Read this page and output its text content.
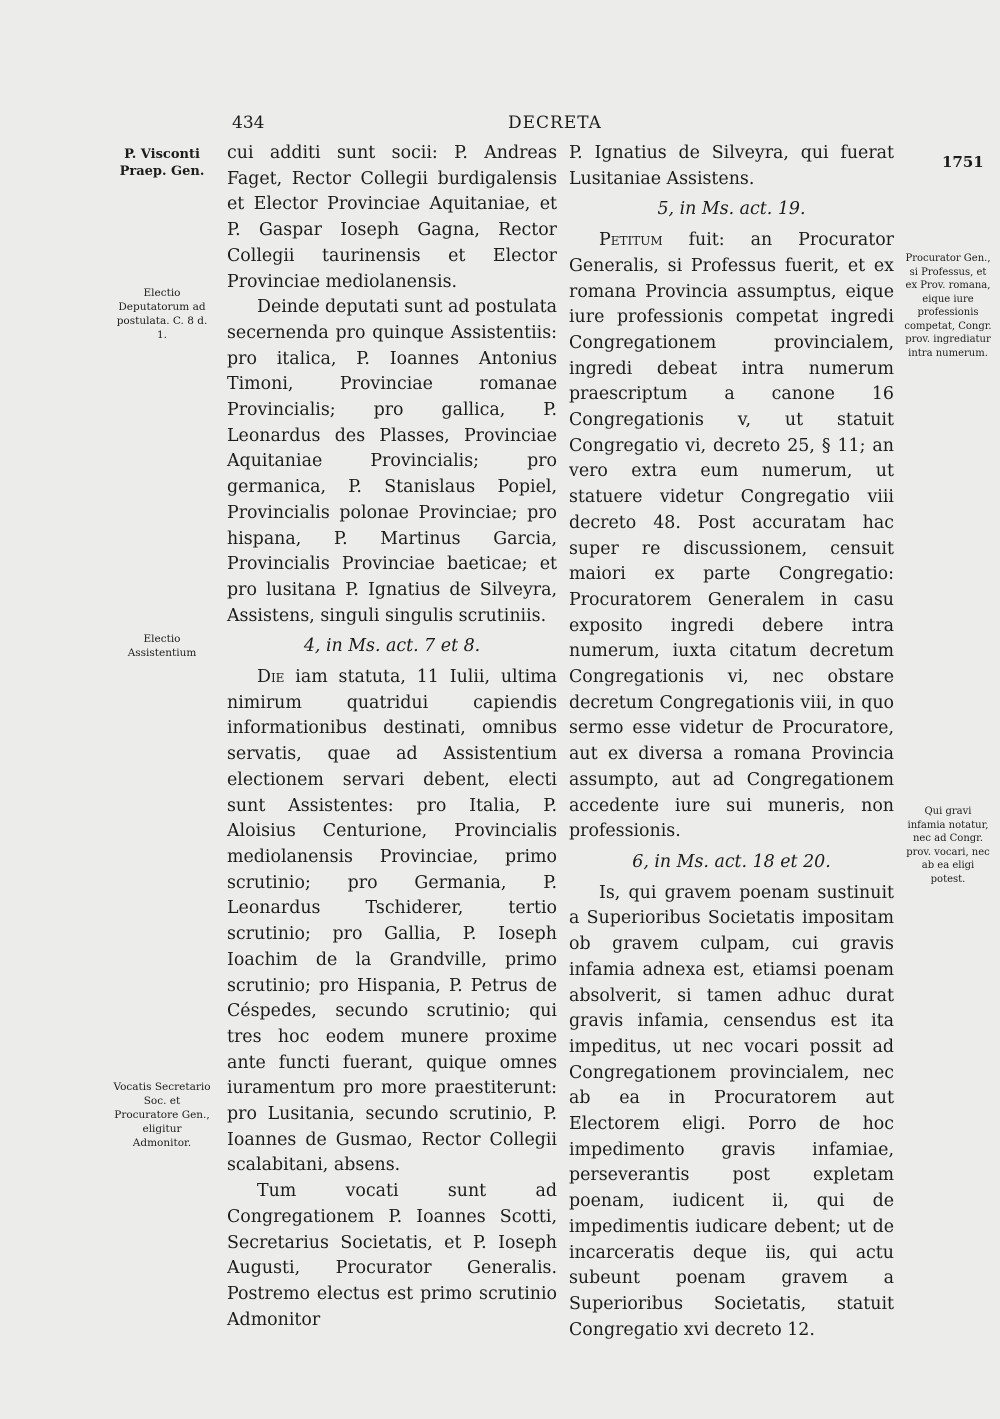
434	DECRETA
1751
P. Visconti Praep. Gen.
Electio Deputatorum ad postulata. C. 8 d. 1.
Electio Assistentium
Vocatis Secretario Soc. et Procuratore Gen., eligitur Admonitor.
Procurator Gen., si Professus, et ex Prov. romana, eique iure professionis competat, Congr. prov. ingrediatur intra numerum.
Qui gravi infamia notatur, nec ad Congr. prov. vocari, nec ab ea eligi potest.

cui additi sunt socii: P. Andreas Faget, Rector Collegii burdigalensis et Elector Provinciae Aquitaniae, et P. Gaspar Ioseph Gagna, Rector Collegii taurinensis et Elector Provinciae mediolanensis.

Deinde deputati sunt ad postulata secernenda pro quinque Assistentiis: pro italica, P. Ioannes Antonius Timoni, Provinciae romanae Provincialis; pro gallica, P. Leonardus des Plasses, Provinciae Aquitaniae Provincialis; pro germanica, P. Stanislaus Popiel, Provincialis polonae Provinciae; pro hispana, P. Martinus Garcia, Provincialis Provinciae baeticae; et pro lusitana P. Ignatius de Silveyra, Assistens, singuli singulis scrutiniis.

4, in Ms. act. 7 et 8.

Die iam statuta, 11 Iulii, ultima nimirum quatridui capiendis informationibus destinati, omnibus servatis, quae ad Assistentium electionem servari debent, electi sunt Assistentes: pro Italia, P. Aloisius Centurione, Provincialis mediolanensis Provinciae, primo scrutinio; pro Germania, P. Leonardus Tschiderer, tertio scrutinio; pro Gallia, P. Ioseph Ioachim de la Grandville, primo scrutinio; pro Hispania, P. Petrus de Céspedes, secundo scrutinio; qui tres hoc eodem munere proxime ante functi fuerant, quique omnes iuramentum pro more praestiterunt: pro Lusitania, secundo scrutinio, P. Ioannes de Gusmao, Rector Collegii scalabitani, absens.

Tum vocati sunt ad Congregationem P. Ioannes Scotti, Secretarius Societatis, et P. Ioseph Augusti, Procurator Generalis. Postremo electus est primo scrutinio Admonitor

P. Ignatius de Silveyra, qui fuerat Lusitaniae Assistens.

5, in Ms. act. 19.

Petitum fuit: an Procurator Generalis, si Professus fuerit, et ex romana Provincia assumptus, eique iure professionis competat ingredi Congregationem provincialem, ingredi debeat intra numerum praescriptum a canone 16 Congregationis v, ut statuit Congregatio vi, decreto 25, § 11; an vero extra eum numerum, ut statuere videtur Congregatio viii decreto 48. Post accuratam hac super re discussionem, censuit maiori ex parte Congregatio: Procuratorem Generalem in casu exposito ingredi debere intra numerum, iuxta citatum decretum Congregationis vi, nec obstare decretum Congregationis viii, in quo sermo esse videtur de Procuratore, aut ex diversa a romana Provincia assumpto, aut ad Congregationem accedente iure sui muneris, non professionis.

6, in Ms. act. 18 et 20.

Is, qui gravem poenam sustinuit a Superioribus Societatis impositam ob gravem culpam, cui gravis infamia adnexa est, etiamsi poenam absolverit, si tamen adhuc durat gravis infamia, censendus est ita impeditus, ut nec vocari possit ad Congregationem provincialem, nec ab ea in Procuratorem aut Electorem eligi. Porro de hoc impedimento gravis infamiae, perseverantis post expletam poenam, iudicent ii, qui de impedimentis iudicare debent; ut de incarceratis deque iis, qui actu subeunt poenam gravem a Superioribus Societatis, statuit Congregatio xvi decreto 12.
